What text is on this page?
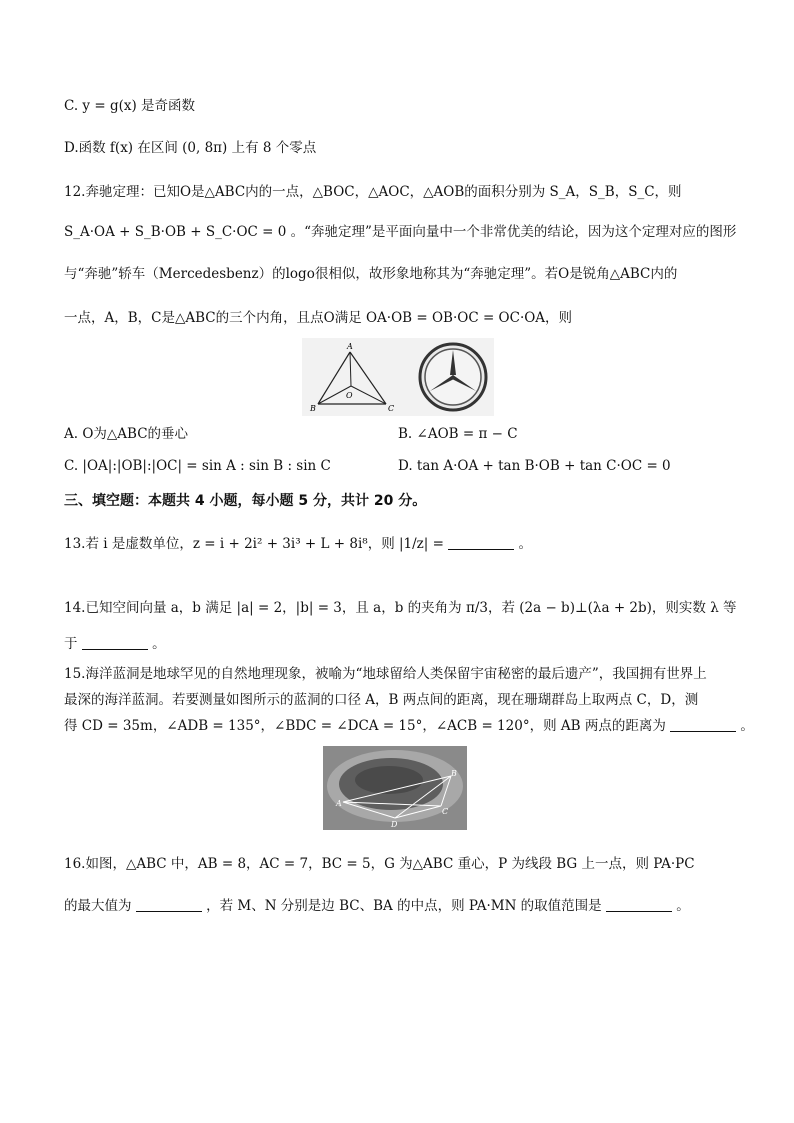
C. y = g(x) 是奇函数
D.函数 f(x) 在区间 (0, 8π) 上有 8 个零点
12.奔驰定理：已知O是△ABC内的一点，△BOC，△AOC，△AOB的面积分别为 S_A，S_B，S_C，则
S_A·OA + S_B·OB + S_C·OC = 0 。“奔驰定理”是平面向量中一个非常优美的结论，因为这个定理对应的图形
与“奔驰”轿车（Mercedesbenz）的logo很相似，故形象地称其为“奔驰定理”。若O是锐角△ABC内的
一点，A，B，C是△ABC的三个内角，且点O满足 OA·OB = OB·OC = OC·OA，则
A
B	C
O
A. O为△ABC的垂心	B. ∠AOB = π − C
C. |OA|:|OB|:|OC| = sin A : sin B : sin C	D. tan A·OA + tan B·OB + tan C·OC = 0
三、填空题：本题共 4 小题，每小题 5 分，共计 20 分。
13.若 i 是虚数单位，z = i + 2i² + 3i³ + L + 8i⁸，则 |1/z| =	。
14.已知空间向量 a，b 满足 |a| = 2，|b| = 3，且 a，b 的夹角为 π/3，若 (2a − b)⊥(λa + 2b)，则实数 λ 等
于	。
15.海洋蓝洞是地球罕见的自然地理现象，被喻为“地球留给人类保留宇宙秘密的最后遗产”，我国拥有世界上
最深的海洋蓝洞。若要测量如图所示的蓝洞的口径 A，B 两点间的距离，现在珊瑚群岛上取两点 C，D，测
得 CD = 35m，∠ADB = 135°，∠BDC = ∠DCA = 15°，∠ACB = 120°，则 AB 两点的距离为	。
A
B
C
D
16.如图，△ABC 中，AB = 8，AC = 7，BC = 5，G 为△ABC 重心，P 为线段 BG 上一点，则 PA·PC
的最大值为	，若 M、N 分别是边 BC、BA 的中点，则 PA·MN 的取值范围是	。
